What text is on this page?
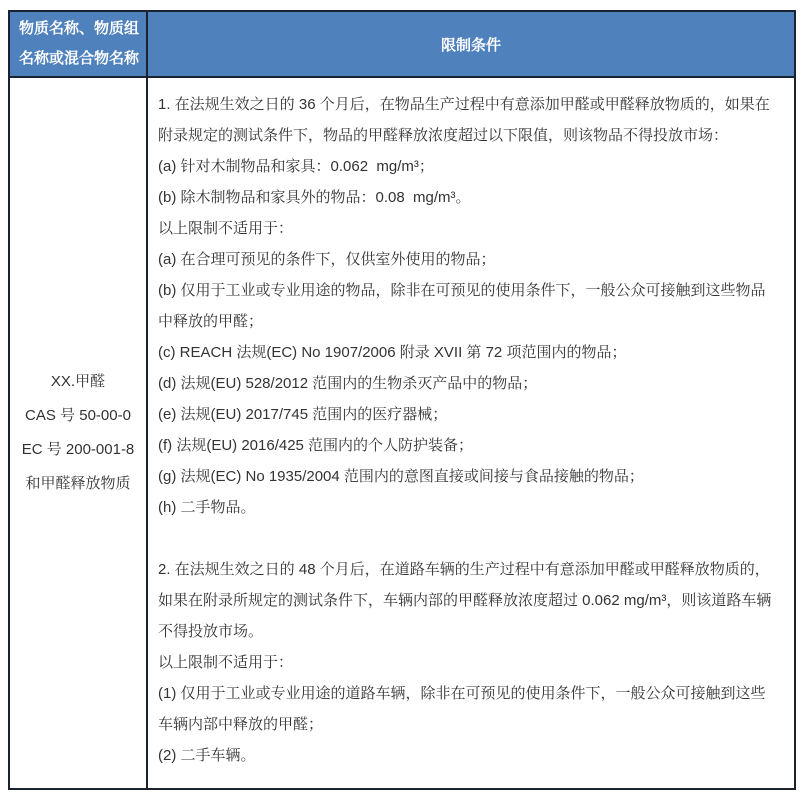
物质名称、物质组
名称或混合物名称
限制条件
XX.甲醛
CAS 号 50-00-0
EC 号 200-001-8
和甲醛释放物质

1. 在法规生效之日的 36 个月后，在物品生产过程中有意添加甲醛或甲醛释放物质的，如果在附录规定的测试条件下，物品的甲醛释放浓度超过以下限值，则该物品不得投放市场：

(a) 针对木制物品和家具：0.062  mg/m³；

(b) 除木制物品和家具外的物品：0.08  mg/m³。

以上限制不适用于：

(a) 在合理可预见的条件下，仅供室外使用的物品；

(b) 仅用于工业或专业用途的物品，除非在可预见的使用条件下，一般公众可接触到这些物品中释放的甲醛；

(c) REACH 法规(EC) No 1907/2006 附录 XVII 第 72 项范围内的物品；

(d) 法规(EU) 528/2012 范围内的生物杀灭产品中的物品；

(e) 法规(EU) 2017/745 范围内的医疗器械；

(f) 法规(EU) 2016/425 范围内的个人防护装备；

(g) 法规(EC) No 1935/2004 范围内的意图直接或间接与食品接触的物品；

(h) 二手物品。

2. 在法规生效之日的 48 个月后，在道路车辆的生产过程中有意添加甲醛或甲醛释放物质的，如果在附录所规定的测试条件下，车辆内部的甲醛释放浓度超过 0.062 mg/m³，则该道路车辆不得投放市场。

以上限制不适用于：

(1) 仅用于工业或专业用途的道路车辆，除非在可预见的使用条件下，一般公众可接触到这些车辆内部中释放的甲醛；

(2) 二手车辆。
